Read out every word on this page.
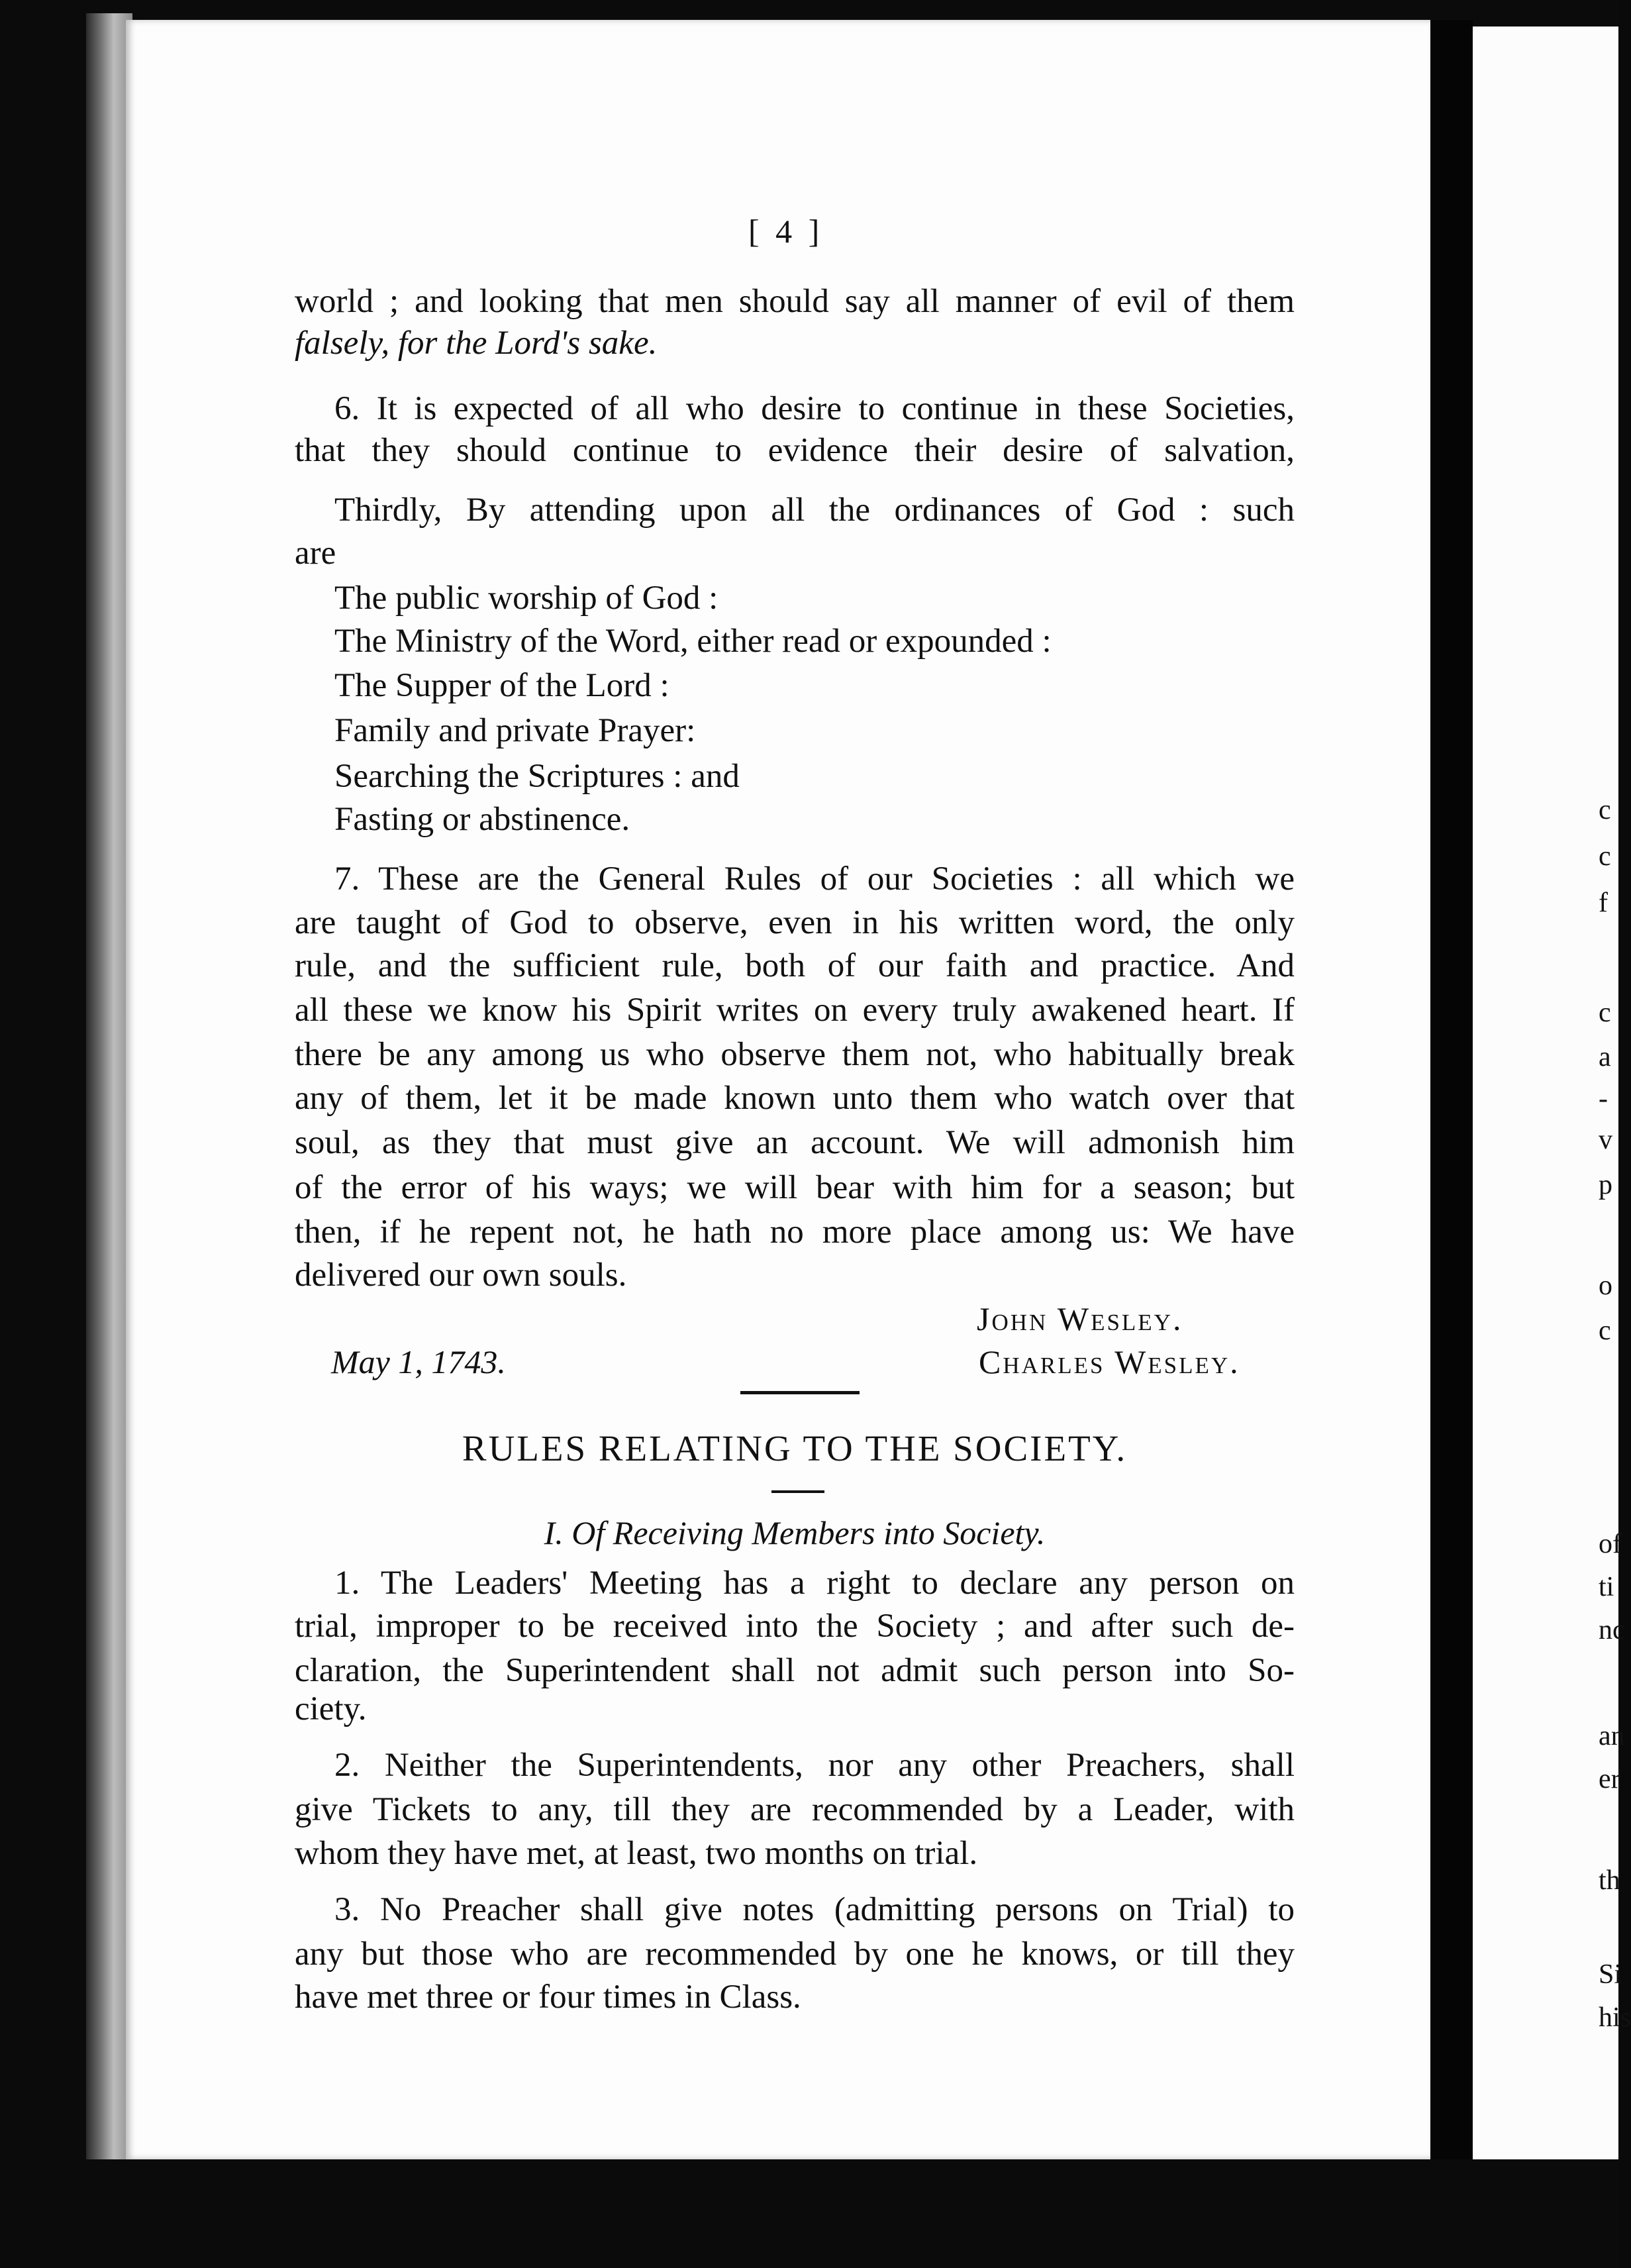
c
c
f
c
a
-
v
p
o
c
of
ti
nc
an
er
th
Si
his
[ 4 ]
world ; and looking that men should say all manner of evil of them
falsely, for the Lord's sake.
6. It is expected of all who desire to continue in these Societies,
that they should continue to evidence their desire of salvation,
Thirdly, By attending upon all the ordinances of God : such
are
The public worship of God :
The Ministry of the Word, either read or expounded :
The Supper of the Lord :
Family and private Prayer:
Searching the Scriptures : and
Fasting or abstinence.
7. These are the General Rules of our Societies : all which we
are taught of God to observe, even in his written word, the only
rule, and the sufficient rule, both of our faith and practice. And
all these we know his Spirit writes on every truly awakened heart. If
there be any among us who observe them not, who habitually break
any of them, let it be made known unto them who watch over that
soul, as they that must give an account. We will admonish him
of the error of his ways; we will bear with him for a season; but
then, if he repent not, he hath no more place among us: We have
delivered our own souls.
1. The Leaders' Meeting has a right to declare any person on
trial, improper to be received into the Society ; and after such de-
claration, the Superintendent shall not admit such person into So-
ciety.
2. Neither the Superintendents, nor any other Preachers, shall
give Tickets to any, till they are recommended by a Leader, with
whom they have met, at least, two months on trial.
3. No Preacher shall give notes (admitting persons on Trial) to
any but those who are recommended by one he knows, or till they
have met three or four times in Class.
John Wesley.
May 1, 1743.	Charles Wesley.
RULES RELATING TO THE SOCIETY.
I. Of Receiving Members into Society.
